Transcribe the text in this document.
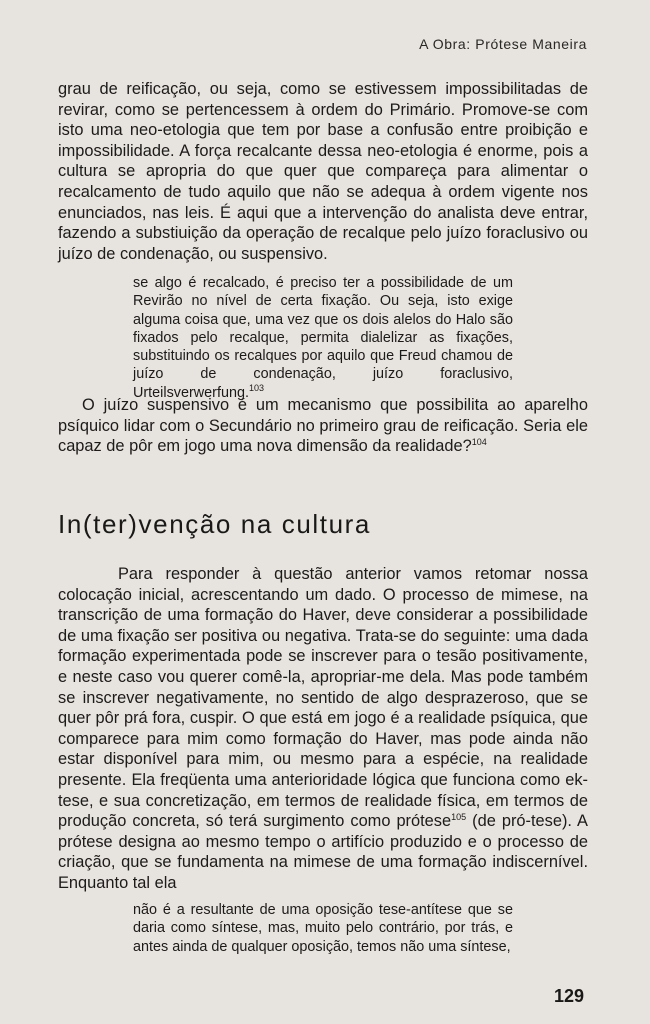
A Obra: Prótese Maneira

grau de reificação, ou seja, como se estivessem impossibilitadas de revirar, como se pertencessem à ordem do Primário. Promove-se com isto uma neo-etologia que tem por base a confusão entre proibição e impossibilidade. A força recalcante dessa neo-etologia é enorme, pois a cultura se apropria do que quer que compareça para alimentar o recalcamento de tudo aquilo que não se adequa à ordem vigente nos enunciados, nas leis. É aqui que a intervenção do analista deve entrar, fazendo a substiuição da operação de recalque pelo juízo foraclusivo ou juízo de condenação, ou suspensivo.

se algo é recalcado, é preciso ter a possibilidade de um Revirão no nível de certa fixação. Ou seja, isto exige alguma coisa que, uma vez que os dois alelos do Halo são fixados pelo recalque, permita dialelizar as fixações, substituindo os recalques por aquilo que Freud chamou de juízo de condenação, juízo foraclusivo, Urteilsverwerfung.$^{103}$

O juízo suspensivo é um mecanismo que possibilita ao aparelho psíquico lidar com o Secundário no primeiro grau de reificação. Seria ele capaz de pôr em jogo uma nova dimensão da realidade?$^{104}$

In(ter)venção na cultura

Para responder à questão anterior vamos retomar nossa colocação inicial, acrescentando um dado. O processo de mimese, na transcrição de uma formação do Haver, deve considerar a possibilidade de uma fixação ser positiva ou negativa. Trata-se do seguinte: uma dada formação experimentada pode se inscrever para o tesão positivamente, e neste caso vou querer comê-la, apropriar-me dela. Mas pode também se inscrever negativamente, no sentido de algo desprazeroso, que se quer pôr prá fora, cuspir. O que está em jogo é a realidade psíquica, que comparece para mim como formação do Haver, mas pode ainda não estar disponível para mim, ou mesmo para a espécie, na realidade presente. Ela freqüenta uma anterioridade lógica que funciona como ek-tese, e sua concretização, em termos de realidade física, em termos de produção concreta, só terá surgimento como prótese$^{105}$ (de pró-tese). A prótese designa ao mesmo tempo o artifício produzido e o processo de criação, que se fundamenta na mimese de uma formação indiscernível. Enquanto tal ela

não é a resultante de uma oposição tese-antítese que se daria como síntese, mas, muito pelo contrário, por trás, e antes ainda de qualquer oposição, temos não uma síntese,

129
